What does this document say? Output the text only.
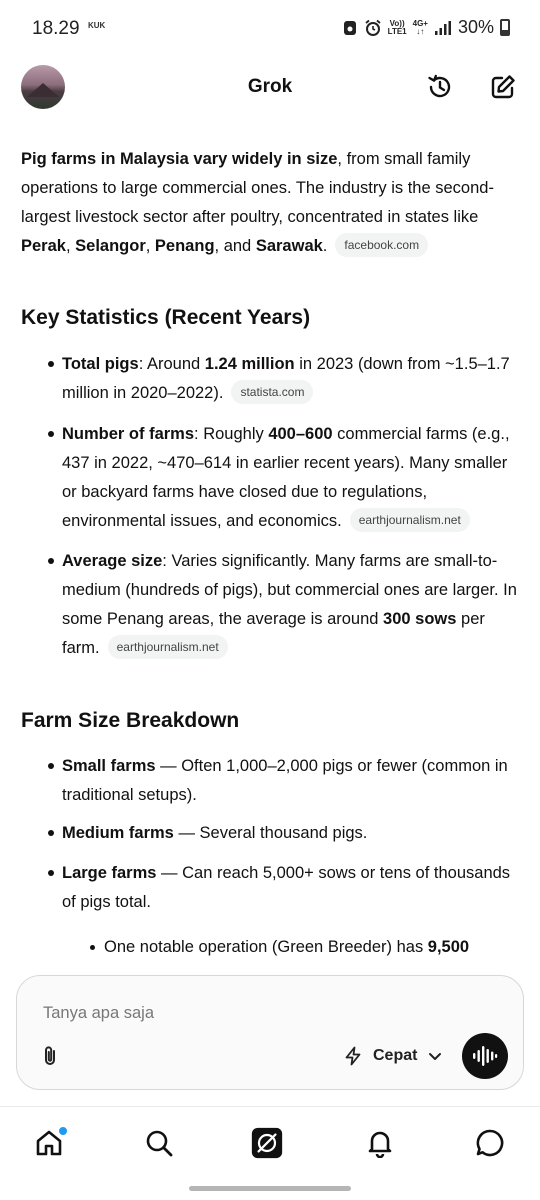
18.29 KUK	Vo))
LTE1
4G+
↓↑ 30%
Grok
Pig farms in Malaysia vary widely in size, from small family operations to large commercial ones. The industry is the second-largest livestock sector after poultry, concentrated in states like Perak, Selangor, Penang, and Sarawak. facebook.com
Key Statistics (Recent Years)
Total pigs: Around 1.24 million in 2023 (down from ~1.5–1.7 million in 2020–2022). statista.com
Number of farms: Roughly 400–600 commercial farms (e.g., 437 in 2022, ~470–614 in earlier recent years). Many smaller or backyard farms have closed due to regulations, environmental issues, and economics. earthjournalism.net
Average size: Varies significantly. Many farms are small-to-medium (hundreds of pigs), but commercial ones are larger. In some Penang areas, the average is around 300 sows per farm. earthjournalism.net
Farm Size Breakdown
Small farms — Often 1,000–2,000 pigs or fewer (common in traditional setups).
Medium farms — Several thousand pigs.
Large farms — Can reach 5,000+ sows or tens of thousands of pigs total.
One notable operation (Green Breeder) has 9,500
Tanya apa saja
Cepat
